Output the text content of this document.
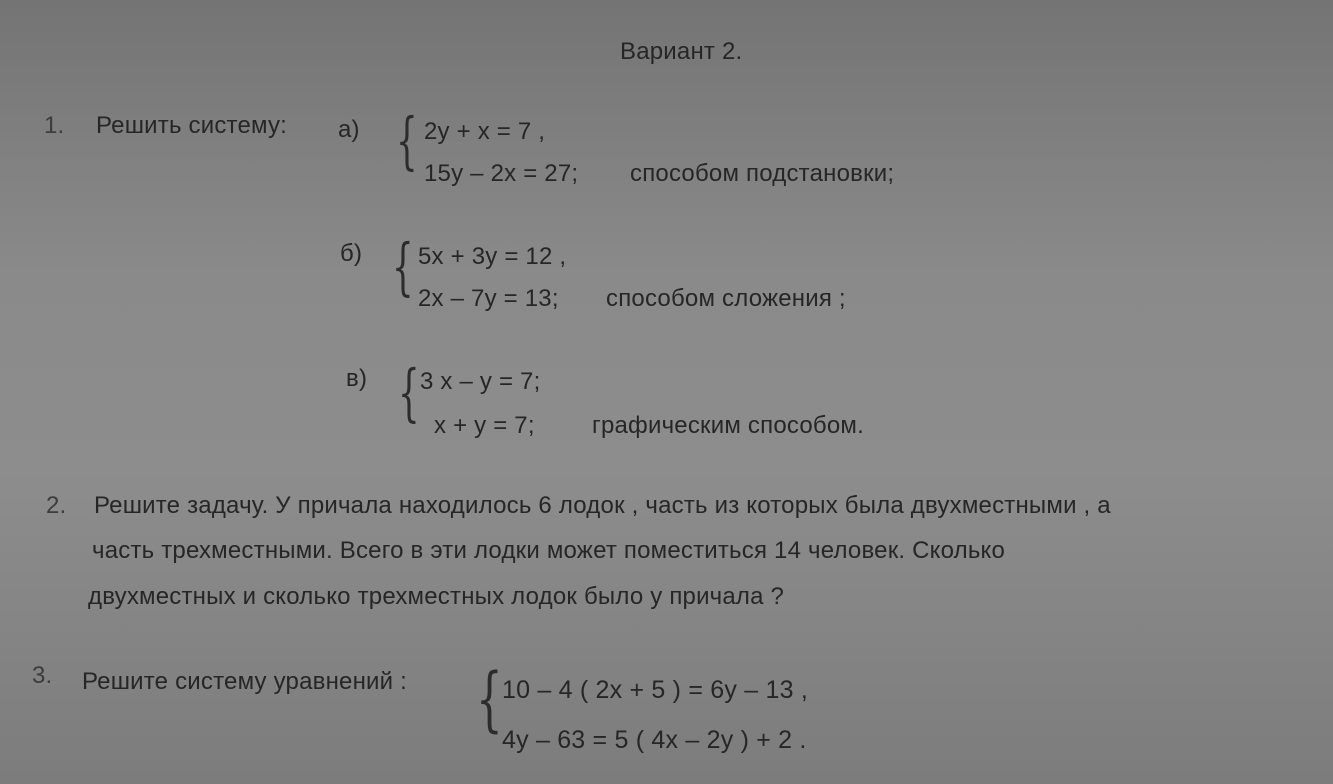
Вариант 2.
1. Решить систему: а) { 2y + x = 7 ,
15y – 2x = 27; способом подстановки;
б) { 5x + 3y = 12 ,
2x – 7y = 13; способом сложения ;
в) { 3 x – y = 7;
x + y = 7; графическим способом.
2. Решите задачу. У причала находилось 6 лодок , часть из которых была двухместными , а
часть трехместными. Всего в эти лодки может поместиться 14 человек. Сколько
двухместных и сколько трехместных лодок было у причала ?
3. Решите систему уравнений : { 10 – 4 ( 2x + 5 ) = 6y – 13 ,
4y – 63 = 5 ( 4x – 2y ) + 2 .
